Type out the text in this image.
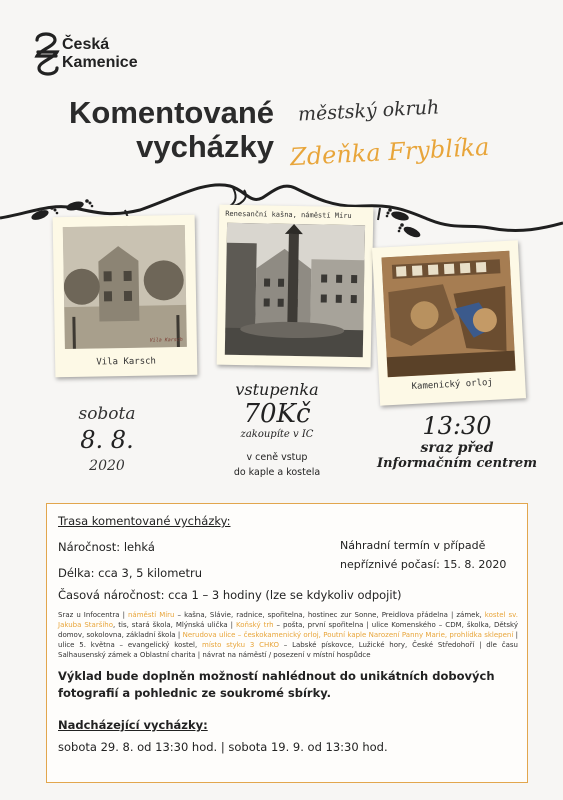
Česká
Kamenice
Komentované
vycházky
městský okruh
Zdeňka Fryblíka
Vila Karsch
Vila Karsch
Renesanční kašna, náměstí Míru
Kamenický orloj
sobota
8. 8.
2020
vstupenka
70Kč
zakoupíte v IC
v ceně vstup
do kaple a kostela
13:30
sraz před
Informačním centrem
Trasa komentované vycházky:
Náhradní termín v případě
nepříznivé počasí: 15. 8. 2020
Náročnost: lehká
Délka: cca 3, 5 kilometru
Časová náročnost: cca 1 – 3 hodiny (lze se kdykoliv odpojit)
Sraz u Infocentra | náměstí Míru – kašna, Slávie, radnice, spořitelna, hostinec zur Sonne, Preidlova přádelna | zámek, kostel sv. Jakuba Staršího, tis, stará škola, Mlýnská ulička | Koňský trh – pošta, první spořitelna | ulice Komenského – CDM, školka, Dětský domov, sokolovna, základní škola | Nerudova ulice – českokamenický orloj, Poutní kaple Narození Panny Marie, prohlídka sklepení | ulice 5. května – evangelický kostel, místo styku 3 CHKO – Labské pískovce, Lužické hory, České Středohoří | dle času Salhausenský zámek a Oblastní charita | návrat na náměstí / posezení v místní hospůdce
Výklad bude doplněn možností nahlédnout do unikátních dobových fotografií a pohlednic ze soukromé sbírky.
Nadcházející vycházky:
sobota 29. 8. od 13:30 hod. | sobota 19. 9. od 13:30 hod.
